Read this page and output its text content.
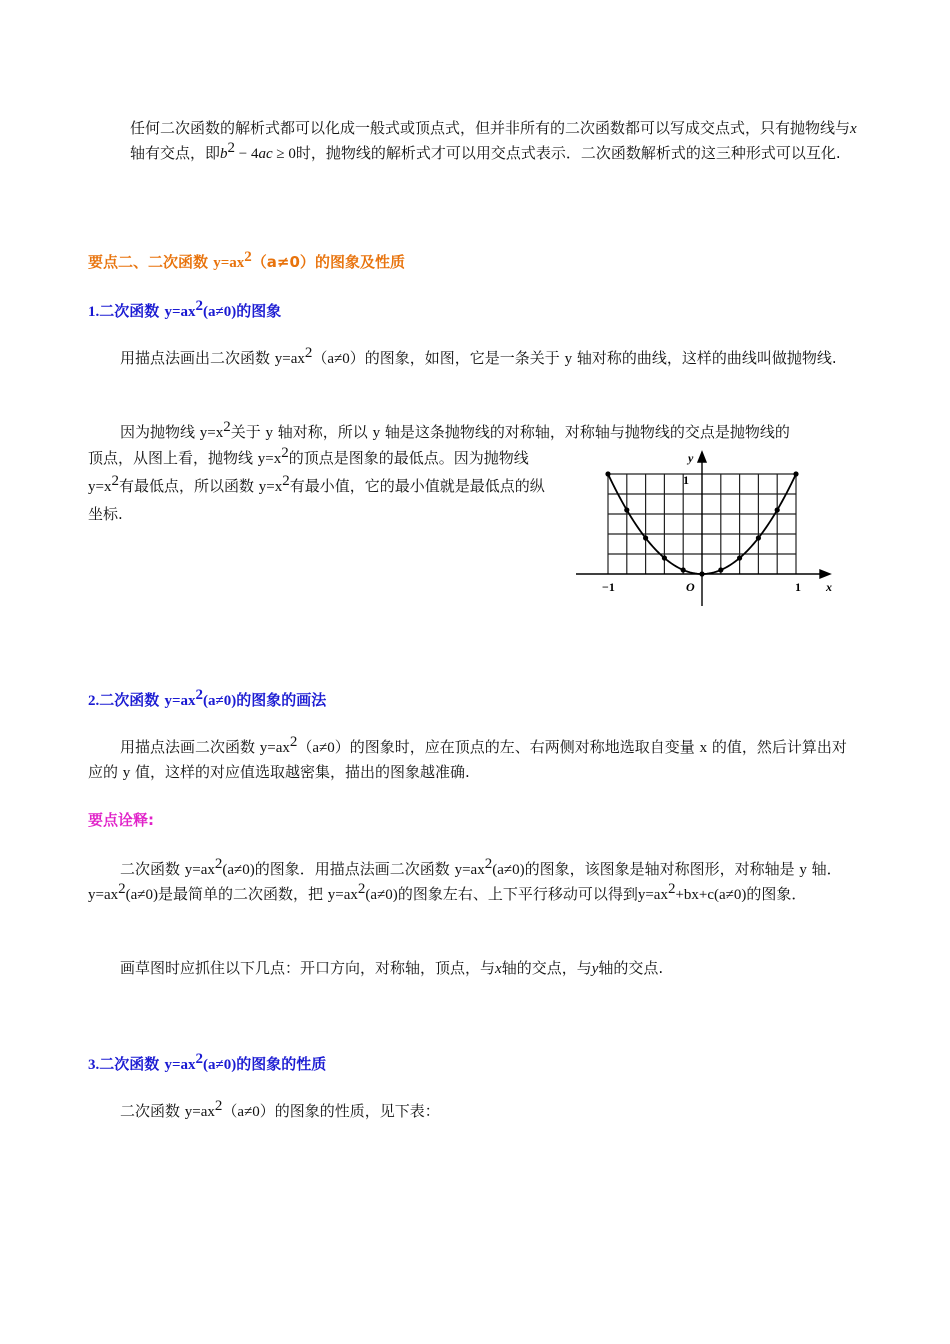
任何二次函数的解析式都可以化成一般式或顶点式，但并非所有的二次函数都可以写成交点式，只有抛物线与x轴有交点，即$b^2 - 4ac \ge 0$时，抛物线的解析式才可以用交点式表示．二次函数解析式的这三种形式可以互化.

要点二、二次函数 $y=ax^2(a\ne 0)$的图象及性质
1.二次函数 $y=ax^2(a\ne 0)$的图象

用描点法画出二次函数 $y=ax^2(a\ne 0)$的图象，如图，它是一条关于 y 轴对称的曲线，这样的曲线叫做抛物线.

因为抛物线 $y=x^2$关于 y 轴对称，所以 y 轴是这条抛物线的对称轴，对称轴与抛物线的交点是抛物线的

顶点，从图上看，抛物线 $y=x^2$的顶点是图象的最低点。因为抛物线 $y=x^2$有最低点，所以函数 $y=x^2$有最小值，它的最小值就是最低点的纵坐标.

y
x
O
−1	1
1
2.二次函数 $y=ax^2(a\ne 0)$的图象的画法

用描点法画二次函数 $y=ax^2(a\ne 0)$的图象时，应在顶点的左、右两侧对称地选取自变量 x 的值，然后计算出对应的 y 值，这样的对应值选取越密集，描出的图象越准确.

要点诠释:

二次函数 $y=ax^2(a\ne 0)$的图象．用描点法画二次函数 $y=ax^2(a\ne 0)$的图象，该图象是轴对称图形，对称轴是 y 轴．$y=ax^2(a\ne 0)$是最简单的二次函数，把 $y=ax^2(a\ne 0)$的图象左右、上下平行移动可以得到$y=ax^2+bx+c(a\ne 0)$的图象．

画草图时应抓住以下几点：开口方向，对称轴，顶点，与x轴的交点，与y轴的交点.

3.二次函数 $y=ax^2(a\ne 0)$的图象的性质

二次函数 $y=ax^2(a\ne 0)$的图象的性质，见下表：
